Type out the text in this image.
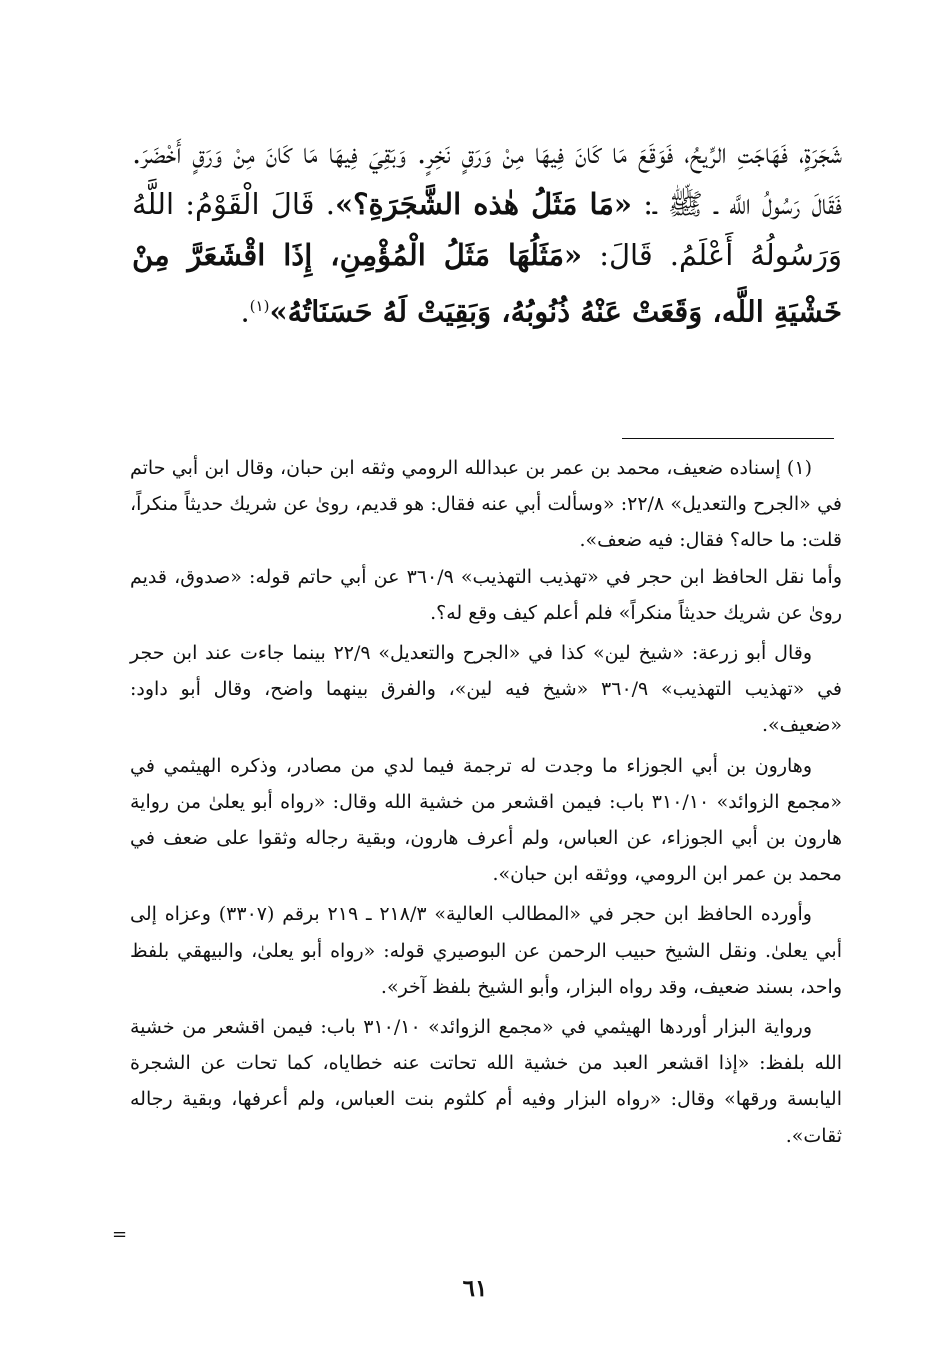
شَجَرَةٍ، فَهَاجَتِ الرِّيحُ، فَوَقَعَ مَا كَانَ فِيهَا مِنْ وَرَقٍ نَخِرٍ. وَبَقِيَ فِيهَا مَا كَانَ مِنْ وَرَقٍ أَخْضَرَ. فَقَالَ رَسُولُ اللَّه ـ ﷺ ـ: «مَا مَثَلُ هٰذه الشَّجَرَةِ؟». قَالَ الْقَوْمُ: اللَّهُ وَرَسُولُهُ أَعْلَمُ. قَالَ: «مَثَلُهَا مَثَلُ الْمُؤْمِنِ، إِذَا اقْشَعَرَّ مِنْ خَشْيَةِ اللَّه، وَقَعَتْ عَنْهُ ذُنُوبُهُ، وَبَقِيَتْ لَهُ حَسَنَاتُهُ»$^{(١)}$.

(١) إسناده ضعيف، محمد بن عمر بن عبدالله الرومي وثقه ابن حبان، وقال ابن أبي حاتم في «الجرح والتعديل» ٢٢/٨: «وسألت أبي عنه فقال: هو قديم، روىٰ عن شريك حديثاً منكراً، قلت: ما حاله؟ فقال: فيه ضعف».

وأما نقل الحافظ ابن حجر في «تهذيب التهذيب» ٣٦٠/٩ عن أبي حاتم قوله: «صدوق، قديم روىٰ عن شريك حديثاً منكراً» فلم أعلم كيف وقع له؟.

وقال أبو زرعة: «شيخ لين» كذا في «الجرح والتعديل» ٢٢/٩ بينما جاءت عند ابن حجر في «تهذيب التهذيب» ٣٦٠/٩ «شيخ فيه لين»، والفرق بينهما واضح، وقال أبو داود: «ضعيف».

وهارون بن أبي الجوزاء ما وجدت له ترجمة فيما لدي من مصادر، وذكره الهيثمي في «مجمع الزوائد» ٣١٠/١٠ باب: فيمن اقشعر من خشية الله وقال: «رواه أبو يعلىٰ من رواية هارون بن أبي الجوزاء، عن العباس، ولم أعرف هارون، وبقية رجاله وثقوا على ضعف في محمد بن عمر ابن الرومي، ووثقه ابن حبان».

وأورده الحافظ ابن حجر في «المطالب العالية» ٢١٨/٣ ـ ٢١٩ برقم (٣٣٠٧) وعزاه إلى أبي يعلىٰ. ونقل الشيخ حبيب الرحمن عن البوصيري قوله: «رواه أبو يعلىٰ، والبيهقي بلفظ واحد، بسند ضعيف، وقد رواه البزار، وأبو الشيخ بلفظ آخر».

ورواية البزار أوردها الهيثمي في «مجمع الزوائد» ٣١٠/١٠ باب: فيمن اقشعر من خشية الله بلفظ: «إذا اقشعر العبد من خشية الله تحاتت عنه خطاياه، كما تحات عن الشجرة اليابسة ورقها» وقال: «رواه البزار وفيه أم كلثوم بنت العباس، ولم أعرفها، وبقية رجاله ثقات».

=
٦١
